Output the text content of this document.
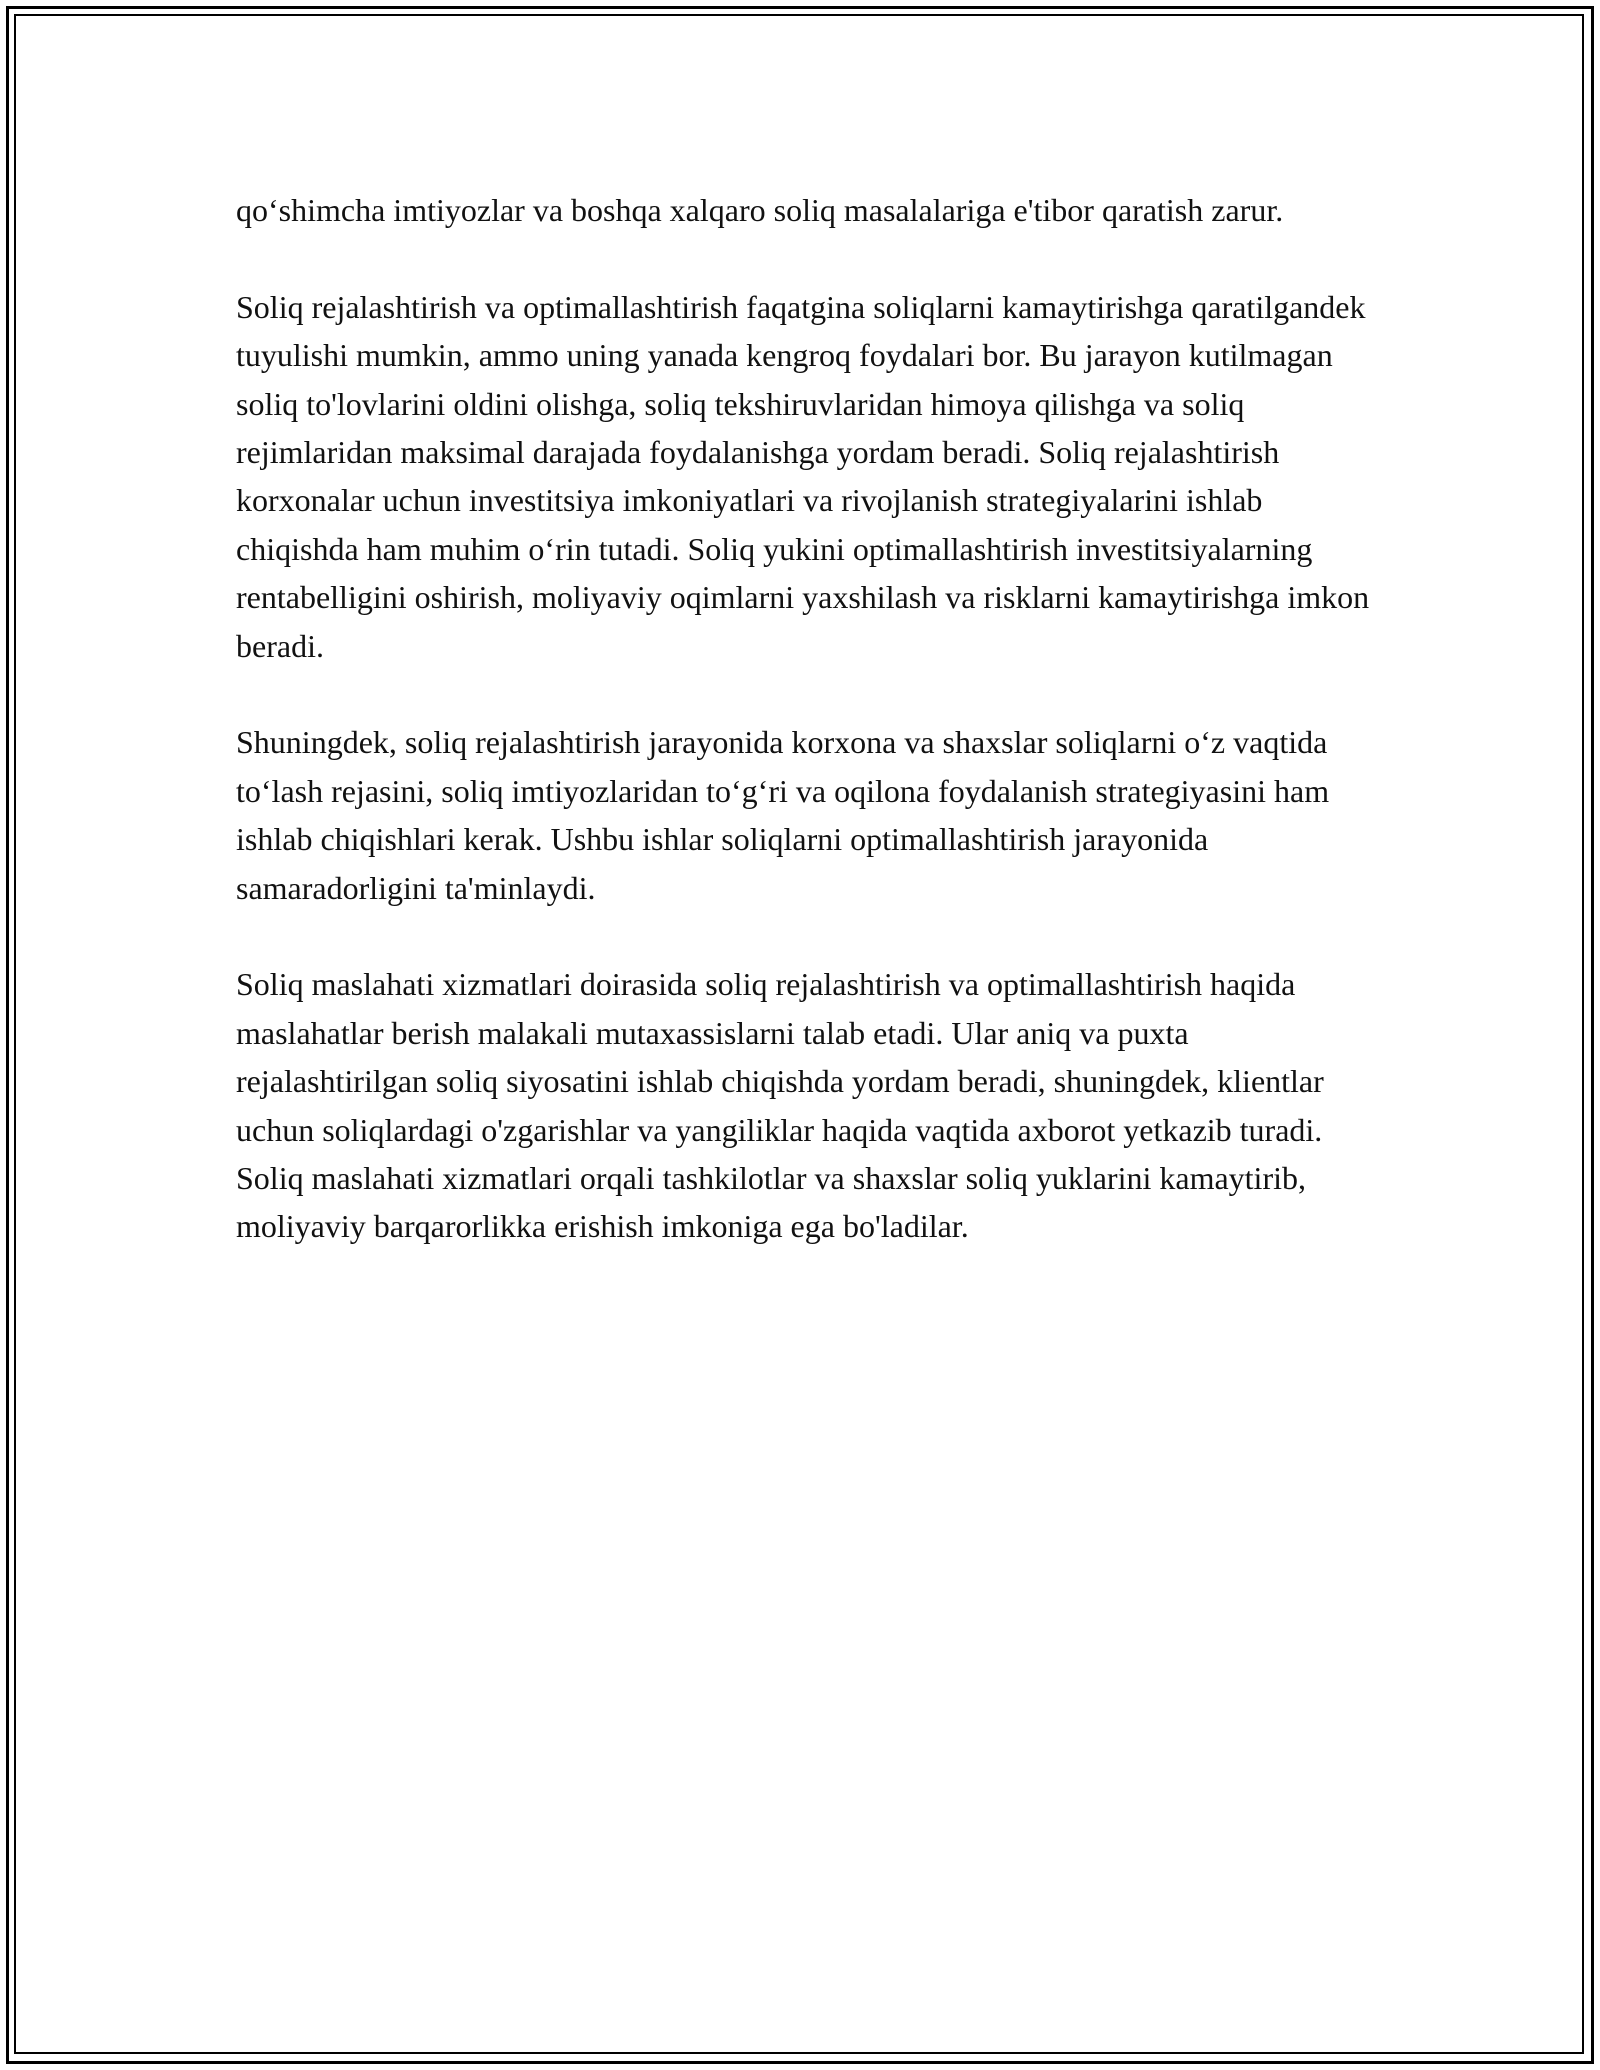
qo‘shimcha imtiyozlar va boshqa xalqaro soliq masalalariga e'tibor qaratish zarur.

Soliq rejalashtirish va optimallashtirish faqatgina soliqlarni kamaytirishga qaratilgandek tuyulishi mumkin, ammo uning yanada kengroq foydalari bor. Bu jarayon kutilmagan soliq to'lovlarini oldini olishga, soliq tekshiruvlaridan himoya qilishga va soliq rejimlaridan maksimal darajada foydalanishga yordam beradi. Soliq rejalashtirish korxonalar uchun investitsiya imkoniyatlari va rivojlanish strategiyalarini ishlab chiqishda ham muhim o‘rin tutadi. Soliq yukini optimallashtirish investitsiyalarning rentabelligini oshirish, moliyaviy oqimlarni yaxshilash va risklarni kamaytirishga imkon beradi.

Shuningdek, soliq rejalashtirish jarayonida korxona va shaxslar soliqlarni o‘z vaqtida to‘lash rejasini, soliq imtiyozlaridan to‘g‘ri va oqilona foydalanish strategiyasini ham ishlab chiqishlari kerak. Ushbu ishlar soliqlarni optimallashtirish jarayonida samaradorligini ta'minlaydi.

Soliq maslahati xizmatlari doirasida soliq rejalashtirish va optimallashtirish haqida maslahatlar berish malakali mutaxassislarni talab etadi. Ular aniq va puxta rejalashtirilgan soliq siyosatini ishlab chiqishda yordam beradi, shuningdek, klientlar uchun soliqlardagi o'zgarishlar va yangiliklar haqida vaqtida axborot yetkazib turadi. Soliq maslahati xizmatlari orqali tashkilotlar va shaxslar soliq yuklarini kamaytirib, moliyaviy barqarorlikka erishish imkoniga ega bo'ladilar.
